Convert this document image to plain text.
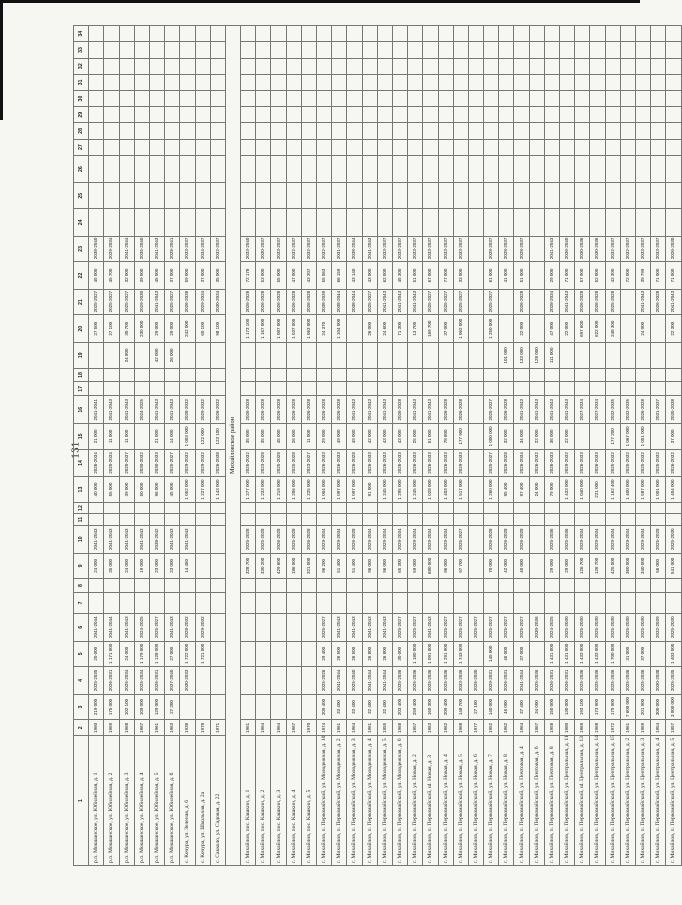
131
1	2	3	4	5	6	7	8	9	10	11	12	13	14	15	16	17	18	19	20	21	22	23	24	25	26	27	28	29	30	31	32	33	34
р.п. Мокшанское, ул. Юбилейная, д. 1	1960	219 000	2025-2035	20 000	2041-2044			24 000	2041-2043			40 000	2026-2034	21 000	2041-2041				27 500	2025-2027	45 000	2038-2040											
р.п. Мокшанское, ул. Юбилейная, д. 2	1969	175 000	2026-2031	1 171 000	2041-2044			35 000	2041-2043			55 000	2020-2034	11 000	2041-2043				27 100	2025-2027	45 700	2029-2034											
р.п. Мокшанское, ул. Юбилейная, д. 3	1968	102 100	2025-2034	24 000	2041-2043			24 000	2041-2043			39 000	2020-2037	11 000	2041-2043			24 800	30 700	2025-2027	32 000	2041-2044											
р.п. Мокшанское, ул. Юбилейная, д. 4	1967	109 000	2025-2034	1 179 000	2024-2025			19 000	2041-2043			50 000	2030-2032		2024-2025				230 000	2029-2030	39 000	2035-2040											
р.п. Мокшанское, ул. Юбилейная, д. 5	1961	129 000	2026-2031	1 128 000	2025-2027			23 000	2038-2042			96 000	2030-2033	21 000	2041-2043			42 000	29 000	2041-2043	45 000	2041-2043											
р.п. Мокшанское, ул. Юбилейная, д. 6	1963	27 300	2037-2040	27 000	2041-2043			23 000	2041-2043			45 000	2025-2027	14 000	2041-2043			26 000	29 000	2025-2027	37 000	2028-2041											
с. Кочура, ул. Зеленая, д. 6	1938		2030-2033	1 722 000	2028-2032			14 450	2041-2043			1 052 000	2029-2032	1 003 000	2028-2032				242 000	2026-2038	59 000	2033-2037											
с. Кочура, ул. Школьная, д. 2а	1978			1 721 000	2029-2032							1 227 000	2029-2032	122 000	2029-2032				60 100	2029-2034	37 000	2034-2037											
с. Сакколо, ул. Садовая, д. 22	1971											1 143 000	2026-2038	123 100	2026-2032				98 100	2030-2034	35 000	2032-2037											
Михайловское район																																	
г. Михайлов, пос. Кашкин, д. 1	1961							328 700	2025-2028			1 277 000	2025-2032	35 000	2026-2028				1 173 100	2026-2028	72 178	2033-2040											
г. Михайлов, пос. Кашкин, д. 2	1964							330 200	2025-2028			1 233 000	2023-2028	35 000	2026-2028				1 167 000	2026-2028	53 000	2030-2037											
г. Михайлов, пос. Кашкин, д. 3	1964							429 600	2026-2028			1 219 000	2025-2028	45 000	2026-2028				1 087 000	2026-2028	55 000	2033-2037											
г. Михайлов, пос. Кашкин, д. 4	1967							186 000	2025-2028			1 206 000	2025-2028	26 000	2026-2028				1 037 000	2026-2028	47 000	2032-2037											
г. Михайлов, пос. Кашкин, д. 5	1970							321 000	2026-2028			1 225 000	2023-2027	11 000	2026-2028				1 063 000	2026-2028	43 207	2032-2037											
г. Михайлов, п. Первомайский, ул. Молодежная, д. 10	1974	209 400	2025-2026	29 400	2025-2027			96 200	2029-2034			1 004 000	2026-2033	29 000	2026-2028				24 370	2038-2039	55 063	2032-2037											
г. Михайлов, п. Первомайский, ул. Молодежная, д. 2	1961	33 400	2041-2044	26 500	2041-2043			51 400	2029-2034			1 097 000	2026-2033	49 000	2026-2028				1 104 000	2038-2044	66 159	2031-2037											
г. Михайлов, п. Первомайский, ул. Молодежная, д. 3	1964	33 400	2025-2040	26 500	2041-2043			51 400	2026-2028			1 097 000	2026-2028	49 000	2041-2043					2038-2044	43 140	2038-2044											
г. Михайлов, п. Первомайский, ул. Молодежная, д. 4	1961	32 400	2041-2044	26 800	2041-2043			96 000	2029-2034			91 000	2026-2033	42 000	2041-2043				26 000	2025-2027	43 000	2041-2043											
г. Михайлов, п. Первомайский, ул. Молодежная, д. 5	1955	32 400	2041-2044	26 800	2041-2043			96 000	2029-2034			1 245 000	2026-2033	43 000	2041-2043				24 600	2041-2043	62 000	2033-2037											
г. Михайлов, п. Первомайский, ул. Молодежная, д. 6	1968	203 400	2025-2036	30 000	2025-2027			65 300	2029-2034			1 295 000	2026-2033	43 000	2026-2028				71 300	2041-2043	45 300	2033-2037											
г. Михайлов, п. Первомайский, ул. Новая, д. 2	1957	259 400	2025-2036	1 180 000	2025-2027			59 000	2029-2034			1 245 000	2026-2033	25 000	2041-2043				13 700	2041-2043	51 000	2033-2037											
г. Михайлов, п. Первомайский, ul. Новая, д. 3	1963	160 300	2025-2036	1 091 000	2041-2043			680 000	2029-2034			1 028 000	2026-2033	51 000	2041-2043				169 700	2025-2027	67 000	2033-2037											
г. Михайлов, п. Первомайский, ул. Новая, д. 4	1962	209 400	2025-2036	1 291 900	2025-2027			96 000	2029-2034			1 403 000	2026-2033	78 800	2026-2028				37 000	2025-2027	77 000	2033-2037											
г. Михайлов, п. Первомайский, ул. Новая, д. 5	1968	148 700	2033-2036	1 743 000	2025-2027			97 700	2025-2027			1 517 000	2029-2033	177 900	2026-2028				1 062 000	2025-2027	33 000	2033-2037											
г. Михайлов, п. Первомайский, ул. Новая, д. 6	1977	27 100	2026-2030		2025-2027																												
г. Михайлов, п. Первомайский, ул. Новая, д. 7	1952	140 000	2029-2031	145 000	2025-2027			70 000	2026-2028			1 260 000	2025-2027	1 000 000	2025-2027				1 250 000	2025-2027	61 000	2028-2037											
г. Михайлов, п. Первомайский, ул. Новая, д. 8	1962	46 000	2026-2031	45 000	2025-2027			42 000	2026-2028			95 400	2026-2028	32 000	2026-2028			101 000			41 000	2028-2037											
г. Михайлов, п. Первомайский, ул. Почтовая, д. 4	1964	37 400	2041-2044	37 000	2025-2027			40 000	2026-2028			97 400	2026-2034	34 000	2041-2043			133 000	22 000	2026-2028	51 000	2028-2037											
г. Михайлов, п. Первомайский, ул. Почтовая, д. 6	1967	34 000	2025-2036		2030-2036							24 000	2026-2032	22 000	2041-2043			128 000															
г. Михайлов, п. Первомайский, ул. Почтовая, д. 8	1958	150 000	2026-2031	1 431 000	2024-2025			29 000	2025-2036			79 000	2026-2033	36 000	2041-2043			111 000	47 000	2028-2034	29 000	2041-2043											
г. Михайлов, п. Первомайский, ул. Центральная, д. 11	1980	130 000	2026-2031	1 431 000	2025-2030			29 000	2025-2036			1 433 000	2029-2032	22 000	2041-2043				22 000	2041-2043	71 000	2036-2040											
г. Михайлов, п. Первомайский, ul. Центральная, д. 13	1969	193 100	2025-2036	1 433 000	2025-2030			126 700	2029-2034			1 040 000	2026-2033		2027-2034				697 600	2026-2028	57 900	2030-2036											
г. Михайлов, п. Первомайский, ул. Центральная, д. 14	1968	173 900	2025-2036	1 433 000	2025-2030			126 700	2029-2034			221 000	2026-2033		2027-2034				622 000	2026-2028	52 000	2030-2036											
г. Михайлов, п. Первомайский, ул. Центральная, д. 15	1972	179 900	2025-2036	1 700 000	2025-2030			425 000	2029-2034			1 162 400	2025-2032	177 200	2032-2035				248 300	2025-2028	42 300	2032-2037											
г. Михайлов, п. Первомайский, ул. Центральная, д. 2	1961	7 600 000	2025-2036	31 000	2025-2030			360 000	2029-2034			1 400 000	2025-2032	1 067 000	2032-2035						72 000	2032-2037											
г. Михайлов, п. Первомайский, ул. Центральная, д. 3	1969	201 900	2025-2036	37 000	2025-2030			340 000	2029-2034			1 587 000	2025-2032	1 051 000	2026-2028				24 000	2041-2043	39 799	2033-2037											
г. Михайлов, п. Первомайский, ул. Центральная, д. 4	1954	300 000	2030-2038		2032-2039			56 000	2025-2028			1 001 000	2025-2032		2031-2037					2026-2028	71 000	2033-2037											
г. Михайлов, п. Первомайский, ул. Центральная, д. 5	1957	3 000 000	2025-2035	1 403 000	2025-2030			541 000	2025-2030			1 404 000	2026-2032	37 000	2035-2038				22 300	2041-2043	71 000	2026-2030											
